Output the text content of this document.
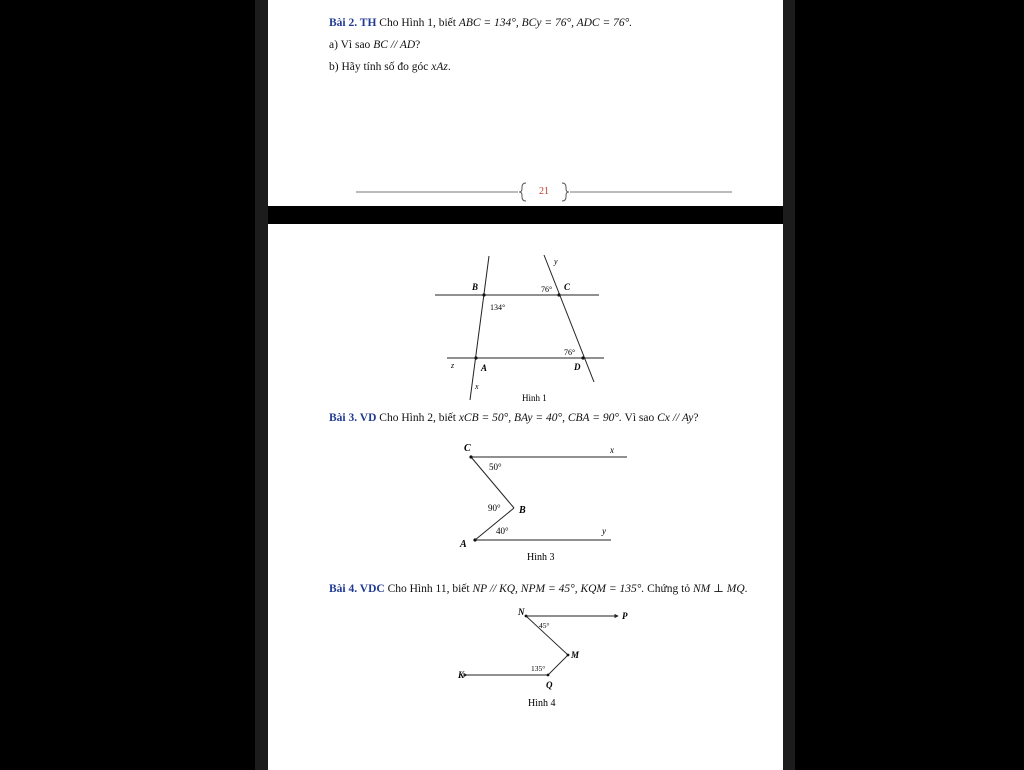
Bài 2. TH Cho Hình 1, biết ABC = 134°, BCy = 76°, ADC = 76°.
a) Vì sao BC // AD?
b) Hãy tính số đo góc xAz.
21
B	C
A	D
y
z
x
134°
76°
76°
Hình 1
Bài 3. VD Cho Hình 2, biết xCB = 50°, BAy = 40°, CBA = 90°. Vì sao Cx // Ay?
C	x
B
A
y
50°
90°
40°
Hình 3
Bài 4. VDC Cho Hình 11, biết NP // KQ, NPM = 45°, KQM = 135°. Chứng tỏ NM ⊥ MQ.
N	P
M
K
Q
45°
135°
Hình 4
